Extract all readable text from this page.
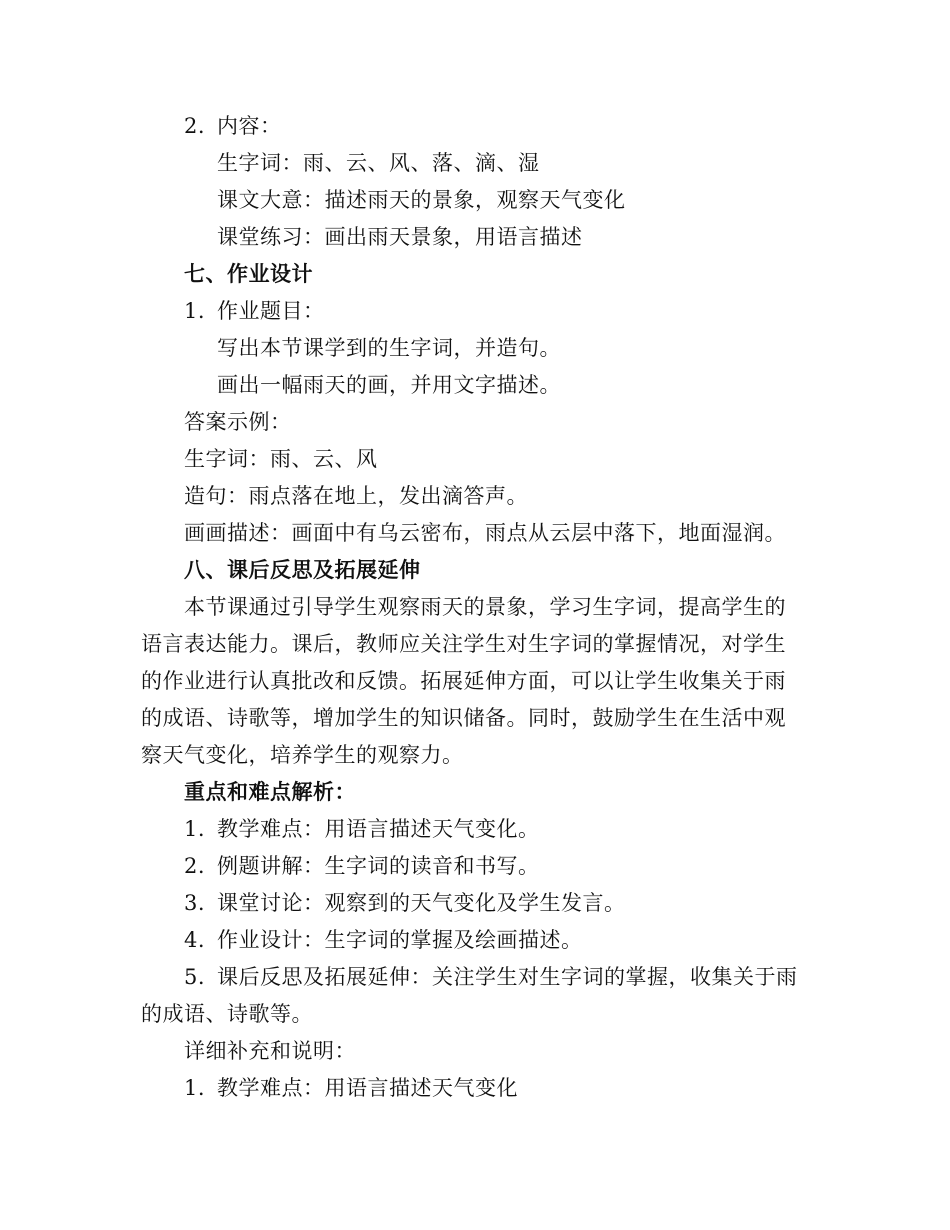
2. 内容：
生字词：雨、云、风、落、滴、湿
课文大意：描述雨天的景象，观察天气变化
课堂练习：画出雨天景象，用语言描述
七、作业设计
1. 作业题目：
写出本节课学到的生字词，并造句。
画出一幅雨天的画，并用文字描述。
答案示例：
生字词：雨、云、风
造句：雨点落在地上，发出滴答声。
画画描述：画面中有乌云密布，雨点从云层中落下，地面湿润。
八、课后反思及拓展延伸
本节课通过引导学生观察雨天的景象，学习生字词，提高学生的
语言表达能力。课后，教师应关注学生对生字词的掌握情况，对学生
的作业进行认真批改和反馈。拓展延伸方面，可以让学生收集关于雨
的成语、诗歌等，增加学生的知识储备。同时，鼓励学生在生活中观
察天气变化，培养学生的观察力。
重点和难点解析：
1. 教学难点：用语言描述天气变化。
2. 例题讲解：生字词的读音和书写。
3. 课堂讨论：观察到的天气变化及学生发言。
4. 作业设计：生字词的掌握及绘画描述。
5. 课后反思及拓展延伸：关注学生对生字词的掌握，收集关于雨
的成语、诗歌等。
详细补充和说明：
1. 教学难点：用语言描述天气变化
